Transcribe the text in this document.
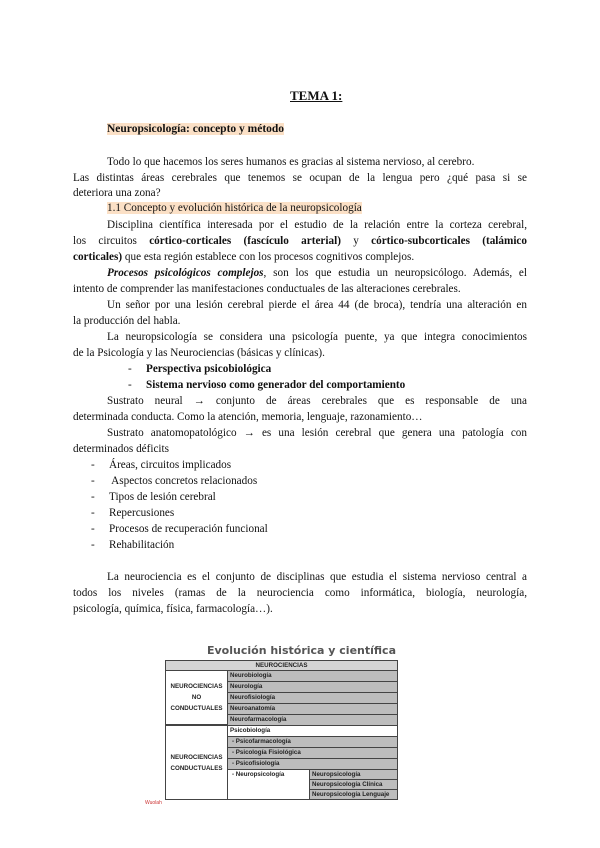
TEMA 1:
Neuropsicología: concepto y método
Todo lo que hacemos los seres humanos es gracias al sistema nervioso, al cerebro.
Las distintas áreas cerebrales que tenemos se ocupan de la lengua pero ¿qué pasa si se
deteriora una zona?
1.1 Concepto y evolución histórica de la neuropsicología
Disciplina científica interesada por el estudio de la relación entre la corteza cerebral,
los circuitos córtico-corticales (fascículo arterial) y córtico-subcorticales (talámico
corticales) que esta región establece con los procesos cognitivos complejos.
Procesos psicológicos complejos, son los que estudia un neuropsicólogo. Además, el
intento de comprender las manifestaciones conductuales de las alteraciones cerebrales.
Un señor por una lesión cerebral pierde el área 44 (de broca), tendría una alteración en
la producción del habla.
La neuropsicología se considera una psicología puente, ya que integra conocimientos
de la Psicología y las Neurociencias (básicas y clínicas).
- Perspectiva psicobiológica
- Sistema nervioso como generador del comportamiento
Sustrato neural → conjunto de áreas cerebrales que es responsable de una
determinada conducta. Como la atención, memoria, lenguaje, razonamiento…
Sustrato anatomopatológico → es una lesión cerebral que genera una patología con
determinados déficits
- Áreas, circuitos implicados
- Aspectos concretos relacionados
- Tipos de lesión cerebral
- Repercusiones
- Procesos de recuperación funcional
- Rehabilitación
La neurociencia es el conjunto de disciplinas que estudia el sistema nervioso central a
todos los niveles (ramas de la neurociencia como informática, biología, neurología,
psicología, química, física, farmacología…).
Evolución histórica y científica
NEUROCIENCIAS
NEUROCIENCIAS NO CONDUCTUALES
Neurobiología
Neurología
Neurofisiología
Neuroanatomía
Neurofarmacología
NEUROCIENCIAS CONDUCTUALES
Psicobiología
- Psicofarmacología
- Psicología Fisiológica
- Psicofisiología
- Neuropsicología	Neuropsicología
Neuropsicología Clínica
Neuropsicología Lenguaje
Wuolah
